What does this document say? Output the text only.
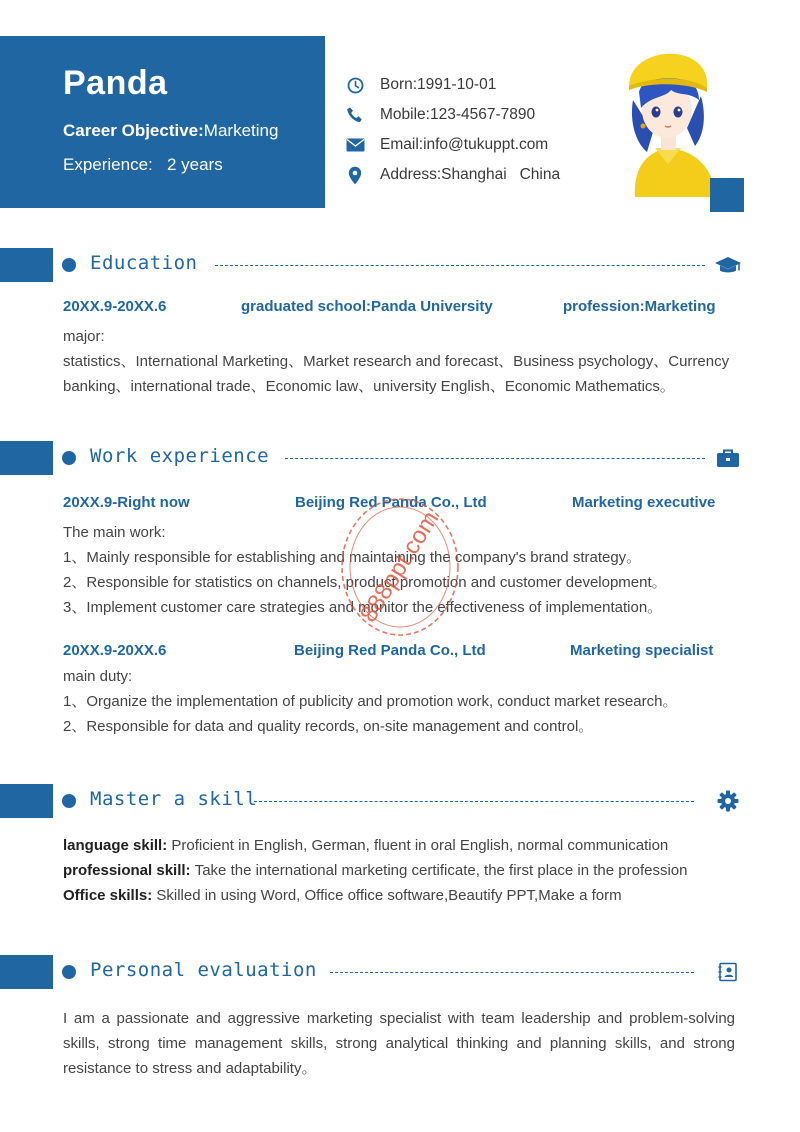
Panda
Career Objective:Marketing
Experience: 2 years
Born:1991-10-01
Mobile:123-4567-7890
Email:info@tukuppt.com
Address:Shanghai   China
Education
20XX.9-20XX.6	graduated school:Panda University	profession:Marketing
major:
statistics、International Marketing、Market research and forecast、Business psychology、Currency banking、international trade、Economic law、university English、Economic Mathematics。
Work experience
20XX.9-Right now	Beijing Red Panda Co., Ltd	Marketing executive
The main work:
1、Mainly responsible for establishing and maintaining the company's brand strategy。
2、Responsible for statistics on channels, product promotion and customer development。
3、Implement customer care strategies and monitor the effectiveness of implementation。
20XX.9-20XX.6	Beijing Red Panda Co., Ltd	Marketing specialist
main duty:
1、Organize the implementation of publicity and promotion work, conduct market research。
2、Responsible for data and quality records, on-site management and control。
888ppt.com
Master a skill
language skill: Proficient in English, German, fluent in oral English, normal communication
professional skill: Take the international marketing certificate, the first place in the profession
Office skills: Skilled in using Word, Office office software,Beautify PPT,Make a form
Personal evaluation
I am a passionate and aggressive marketing specialist with team leadership and problem-solving skills, strong time management skills, strong analytical thinking and planning skills, and strong resistance to stress and adaptability。
